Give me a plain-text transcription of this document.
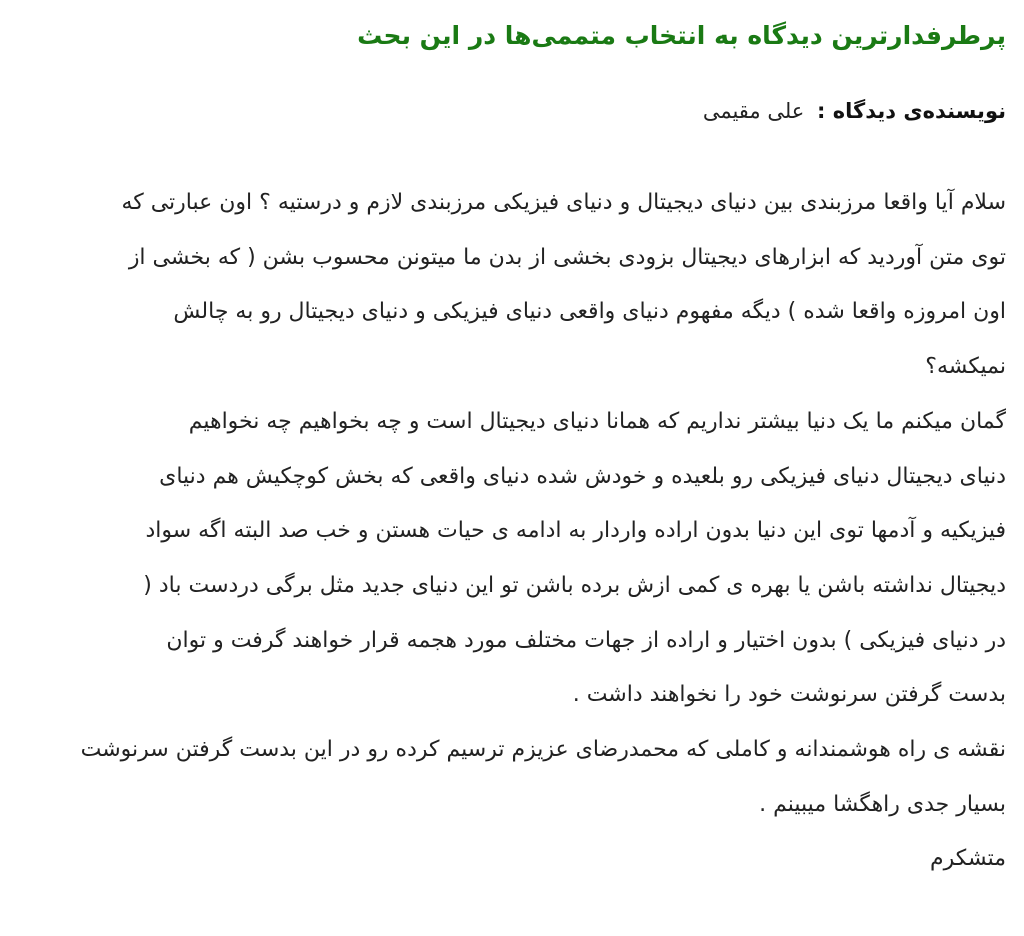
پرطرفدارترین دیدگاه به انتخاب متممی‌ها در این بحث
نویسنده‌ی دیدگاه : علی مقیمی

سلام آیا واقعا مرزبندی بین دنیای دیجیتال و دنیای فیزیکی مرزبندی لازم و درستیه ؟ اون عبارتی که
توی متن آوردید که ابزارهای دیجیتال بزودی بخشی از بدن ما میتونن محسوب بشن ( که بخشی از
اون امروزه واقعا شده ) دیگه مفهوم دنیای واقعی دنیای فیزیکی و دنیای دیجیتال رو به چالش
نمیکشه؟

گمان میکنم ما یک دنیا بیشتر نداریم که همانا دنیای دیجیتال است و چه بخواهیم چه نخواهیم
دنیای دیجیتال دنیای فیزیکی رو بلعیده و خودش شده دنیای واقعی که بخش کوچکیش هم دنیای
فیزیکیه و آدمها توی این دنیا بدون اراده واردار به ادامه ی حیات هستن و خب صد البته اگه سواد
دیجیتال نداشته باشن یا بهره ی کمی ازش برده باشن تو این دنیای جدید مثل برگی دردست باد (
در دنیای فیزیکی ) بدون اختیار و اراده از جهات مختلف مورد هجمه قرار خواهند گرفت و توان
بدست گرفتن سرنوشت خود را نخواهند داشت .

نقشه ی راه هوشمندانه و کاملی که محمدرضای عزیزم ترسیم کرده رو در این بدست گرفتن سرنوشت
بسیار جدی راهگشا میبینم .

متشکرم
